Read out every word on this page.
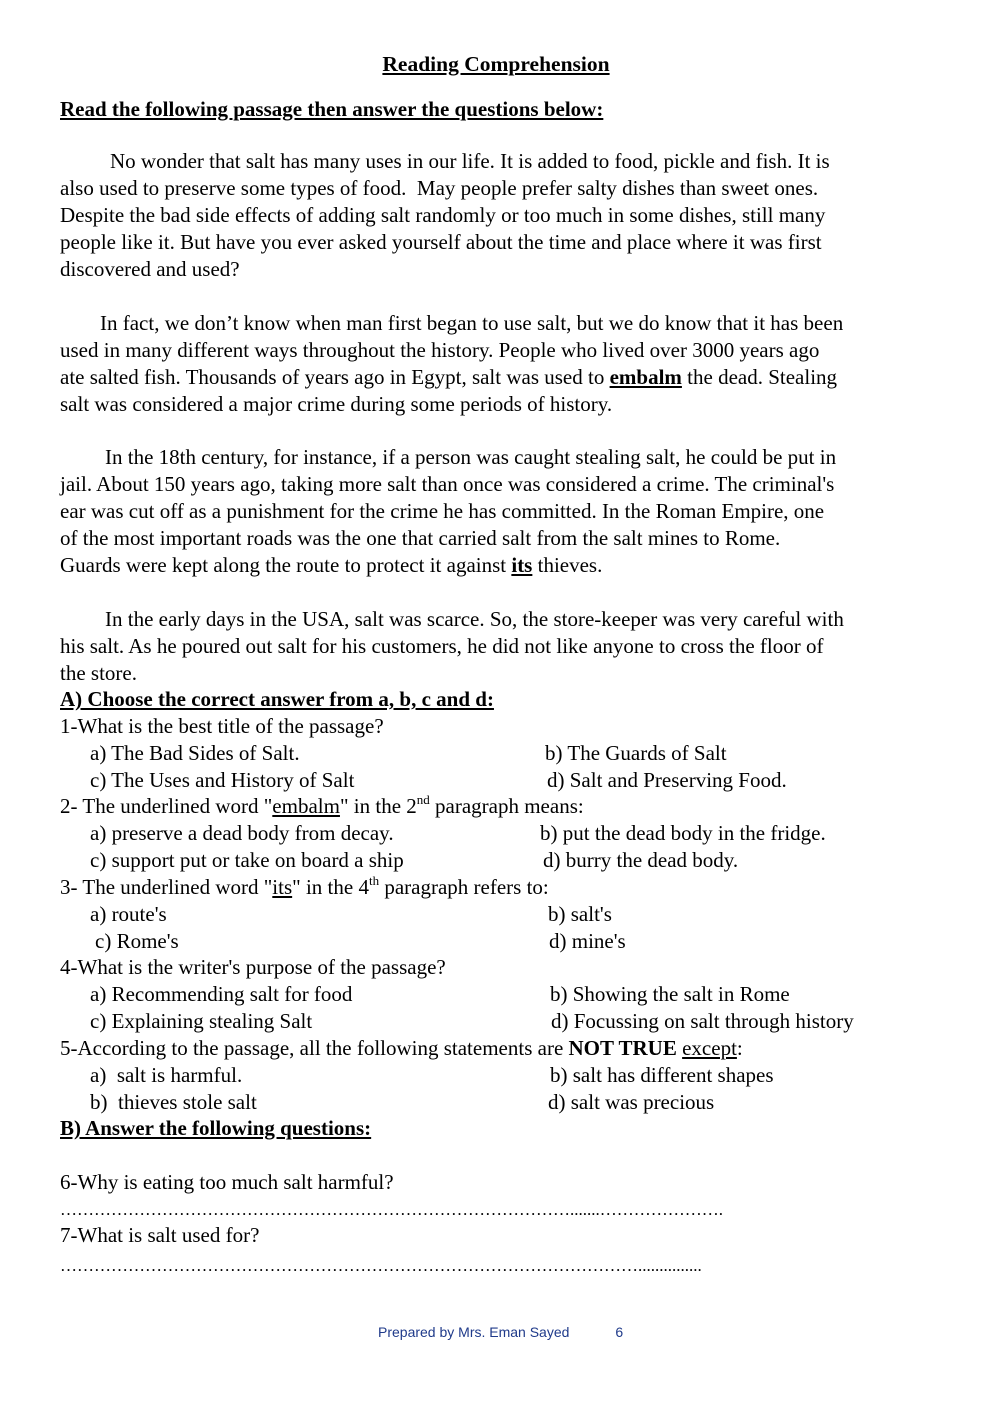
Reading Comprehension
Read the following passage then answer the questions below:
No wonder that salt has many uses in our life. It is added to food, pickle and fish. It is
also used to preserve some types of food.  May people prefer salty dishes than sweet ones.
Despite the bad side effects of adding salt randomly or too much in some dishes, still many
people like it. But have you ever asked yourself about the time and place where it was first
discovered and used?
In fact, we don’t know when man first began to use salt, but we do know that it has been
used in many different ways throughout the history. People who lived over 3000 years ago
ate salted fish. Thousands of years ago in Egypt, salt was used to embalm the dead. Stealing
salt was considered a major crime during some periods of history.
In the 18th century, for instance, if a person was caught stealing salt, he could be put in
jail. About 150 years ago, taking more salt than once was considered a crime. The criminal's
ear was cut off as a punishment for the crime he has committed. In the Roman Empire, one
of the most important roads was the one that carried salt from the salt mines to Rome.
Guards were kept along the route to protect it against its thieves.
In the early days in the USA, salt was scarce. So, the store-keeper was very careful with
his salt. As he poured out salt for his customers, he did not like anyone to cross the floor of
the store.
A) Choose the correct answer from a, b, c and d:
1-What is the best title of the passage?
a) The Bad Sides of Salt.	b) The Guards of Salt
c) The Uses and History of Salt	d) Salt and Preserving Food.
2- The underlined word "embalm" in the 2nd paragraph means:
a) preserve a dead body from decay.	b) put the dead body in the fridge.
c) support put or take on board a ship	d) burry the dead body.
3- The underlined word "its" in the 4th paragraph refers to:
a) route's	b) salt's
c) Rome's	d) mine's
4-What is the writer's purpose of the passage?
a) Recommending salt for food	b) Showing the salt in Rome
c) Explaining stealing Salt	d) Focussing on salt through history
5-According to the passage, all the following statements are NOT TRUE except:
a)  salt is harmful.	b) salt has different shapes
b)  thieves stole salt	d) salt was precious
B) Answer the following questions:
6-Why is eating too much salt harmful?
……………………………………………………………………………….......………………….
7-What is salt used for?
…………………………………………………………………………………………...............
Prepared by Mrs. Eman Sayed	6
